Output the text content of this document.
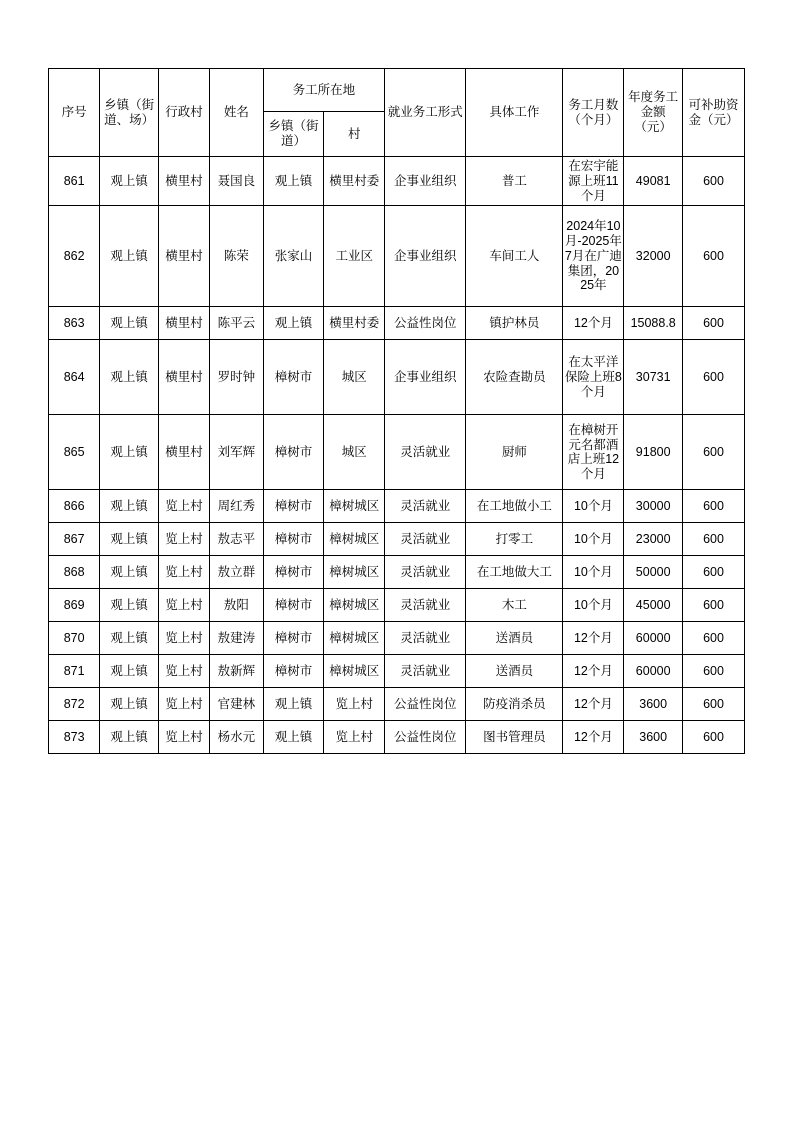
序号	乡镇（街道、场）	行政村	姓名	务工所在地		就业务工形式	具体工作	务工月数（个月）	年度务工金额（元）	可补助资金（元）
				乡镇（街道）	村					
861	观上镇	横里村	聂国良	观上镇	横里村委	企事业组织	普工	在宏宇能源上班11个月	49081	600
862	观上镇	横里村	陈荣	张家山	工业区	企事业组织	车间工人	2024年10月-2025年7月在广迪集团，2025年	32000	600
863	观上镇	横里村	陈平云	观上镇	横里村委	公益性岗位	镇护林员	12个月	15088.8	600
864	观上镇	横里村	罗时钟	樟树市	城区	企事业组织	农险查勘员	在太平洋保险上班8个月	30731	600
865	观上镇	横里村	刘军辉	樟树市	城区	灵活就业	厨师	在樟树开元名都酒店上班12个月	91800	600
866	观上镇	览上村	周红秀	樟树市	樟树城区	灵活就业	在工地做小工	10个月	30000	600
867	观上镇	览上村	敖志平	樟树市	樟树城区	灵活就业	打零工	10个月	23000	600
868	观上镇	览上村	敖立群	樟树市	樟树城区	灵活就业	在工地做大工	10个月	50000	600
869	观上镇	览上村	敖阳	樟树市	樟树城区	灵活就业	木工	10个月	45000	600
870	观上镇	览上村	敖建涛	樟树市	樟树城区	灵活就业	送酒员	12个月	60000	600
871	观上镇	览上村	敖新辉	樟树市	樟树城区	灵活就业	送酒员	12个月	60000	600
872	观上镇	览上村	官建林	观上镇	览上村	公益性岗位	防疫消杀员	12个月	3600	600
873	观上镇	览上村	杨水元	观上镇	览上村	公益性岗位	图书管理员	12个月	3600	600
